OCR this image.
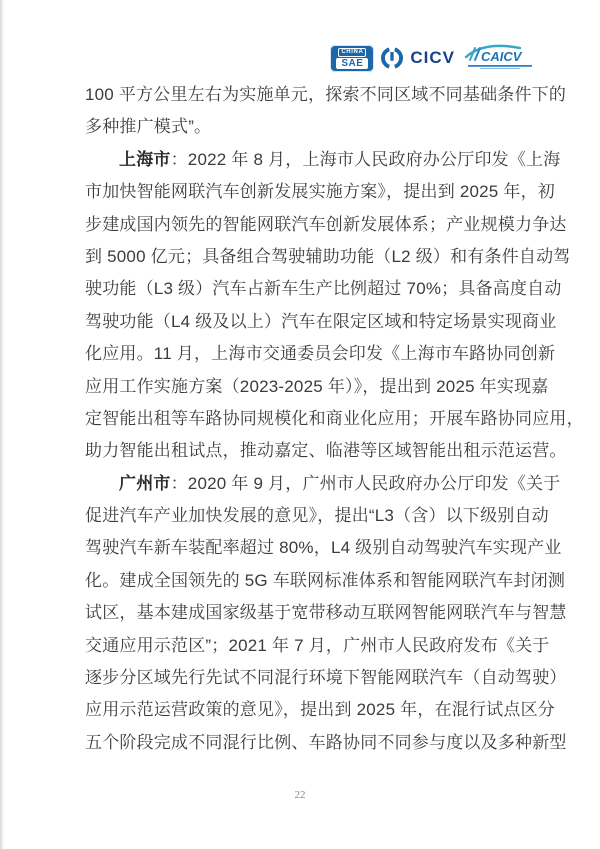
CHINA
SAE	CICV CAICV
100 平方公里左右为实施单元，探索不同区域不同基础条件下的
多种推广模式”。
上海市：2022 年 8 月，上海市人民政府办公厅印发《上海
市加快智能网联汽车创新发展实施方案》，提出到 2025 年，初
步建成国内领先的智能网联汽车创新发展体系；产业规模力争达
到 5000 亿元；具备组合驾驶辅助功能（L2 级）和有条件自动驾
驶功能（L3 级）汽车占新车生产比例超过 70%；具备高度自动
驾驶功能（L4 级及以上）汽车在限定区域和特定场景实现商业
化应用。11 月，上海市交通委员会印发《上海市车路协同创新
应用工作实施方案（2023-2025 年）》，提出到 2025 年实现嘉
定智能出租等车路协同规模化和商业化应用；开展车路协同应用，
助力智能出租试点，推动嘉定、临港等区域智能出租示范运营。
广州市：2020 年 9 月，广州市人民政府办公厅印发《关于
促进汽车产业加快发展的意见》，提出“L3（含）以下级别自动
驾驶汽车新车装配率超过 80%，L4 级别自动驾驶汽车实现产业
化。建成全国领先的 5G 车联网标准体系和智能网联汽车封闭测
试区，基本建成国家级基于宽带移动互联网智能网联汽车与智慧
交通应用示范区”；2021 年 7 月，广州市人民政府发布《关于
逐步分区域先行先试不同混行环境下智能网联汽车（自动驾驶）
应用示范运营政策的意见》，提出到 2025 年，在混行试点区分
五个阶段完成不同混行比例、车路协同不同参与度以及多种新型
22
